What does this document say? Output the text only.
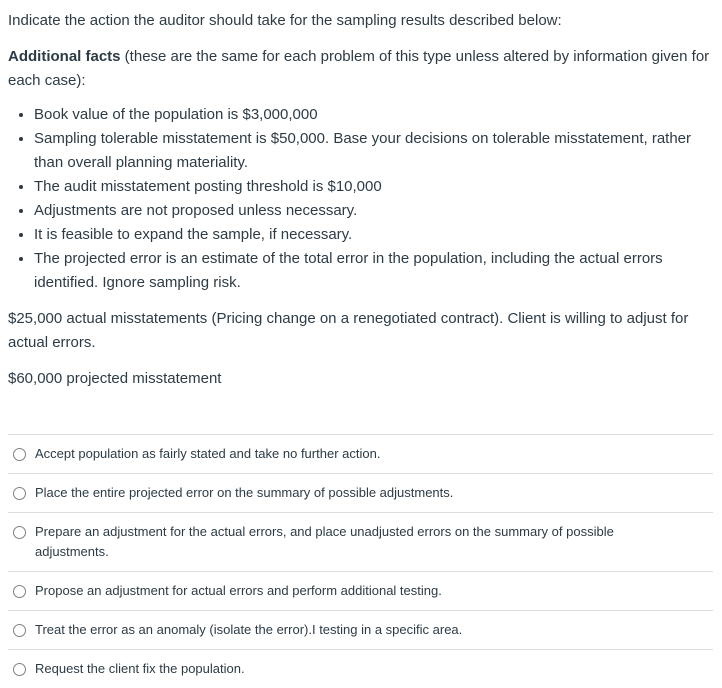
Indicate the action the auditor should take for the sampling results described below:

Additional facts (these are the same for each problem of this type unless altered by information given for each case):

• Book value of the population is $3,000,000
• Sampling tolerable misstatement is $50,000. Base your decisions on tolerable misstatement, rather than overall planning materiality.
• The audit misstatement posting threshold is $10,000
• Adjustments are not proposed unless necessary.
• It is feasible to expand the sample, if necessary.
• The projected error is an estimate of the total error in the population, including the actual errors identified. Ignore sampling risk.

$25,000 actual misstatements (Pricing change on a renegotiated contract). Client is willing to adjust for actual errors.

$60,000 projected misstatement

Accept population as fairly stated and take no further action.
Place the entire projected error on the summary of possible adjustments.
Prepare an adjustment for the actual errors, and place unadjusted errors on the summary of possible adjustments.
Propose an adjustment for actual errors and perform additional testing.
Treat the error as an anomaly (isolate the error).I testing in a specific area.
Request the client fix the population.
